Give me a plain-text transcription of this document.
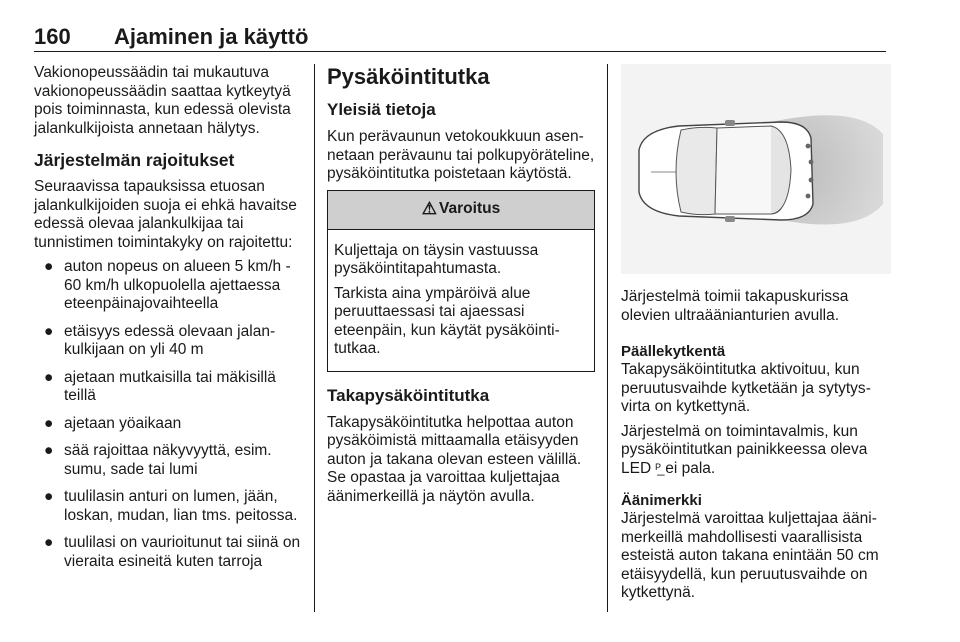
160 Ajaminen ja käyttö

Vakionopeussäädin tai mukautuva vakionopeussäädin saattaa kytkeytyä pois toiminnasta, kun edessä olevista jalankulkijoista annetaan hälytys.

Järjestelmän rajoitukset

Seuraavissa tapauksissa etuosan jalankulkijoiden suoja ei ehkä havaitse edessä olevaa jalankulkijaa tai tunnistimen toimintakyky on rajoitettu:

● auton nopeus on alueen 5 km/h - 60 km/h ulkopuolella ajettaessa eteenpäinajovaihteella
● etäisyys edessä olevaan jalankulkijaan on yli 40 m
● ajetaan mutkaisilla tai mäkisillä teillä
● ajetaan yöaikaan
● sää rajoittaa näkyvyyttä, esim. sumu, sade tai lumi
● tuulilasin anturi on lumen, jään, loskan, mudan, lian tms. peitossa.
● tuulilasi on vaurioitunut tai siinä on vieraita esineitä kuten tarroja
Pysäköintitutka
Yleisiä tietoja

Kun perävaunun vetokoukkuun asennetaan perävaunu tai polkupyöräteline, pysäköintitutka poistetaan käytöstä.

⚠ Varoitus

Kuljettaja on täysin vastuussa pysäköintitapahtumasta.

Tarkista aina ympäröivä alue peruuttaessasi tai ajaessasi eteenpäin, kun käytät pysäköintitutkaa.

Takapysäköintitutka

Takapysäköintitutka helpottaa auton pysäköimistä mittaamalla etäisyyden auton ja takana olevan esteen välillä. Se opastaa ja varoittaa kuljettajaa äänimerkeillä ja näytön avulla.

Järjestelmä toimii takapuskurissa olevien ultraäänianturien avulla.

Päällekytkentä

Takapysäköintitutka aktivoituu, kun peruutusvaihde kytketään ja sytytysvirta on kytkettynä.

Järjestelmä on toimintavalmis, kun pysäköintitutkan painikkeessa oleva LED ᴾ̲ ei pala.

Äänimerkki

Järjestelmä varoittaa kuljettajaa äänimerkeillä mahdollisesti vaarallisista esteistä auton takana enintään 50 cm etäisyydellä, kun peruutusvaihde on kytkettynä.
